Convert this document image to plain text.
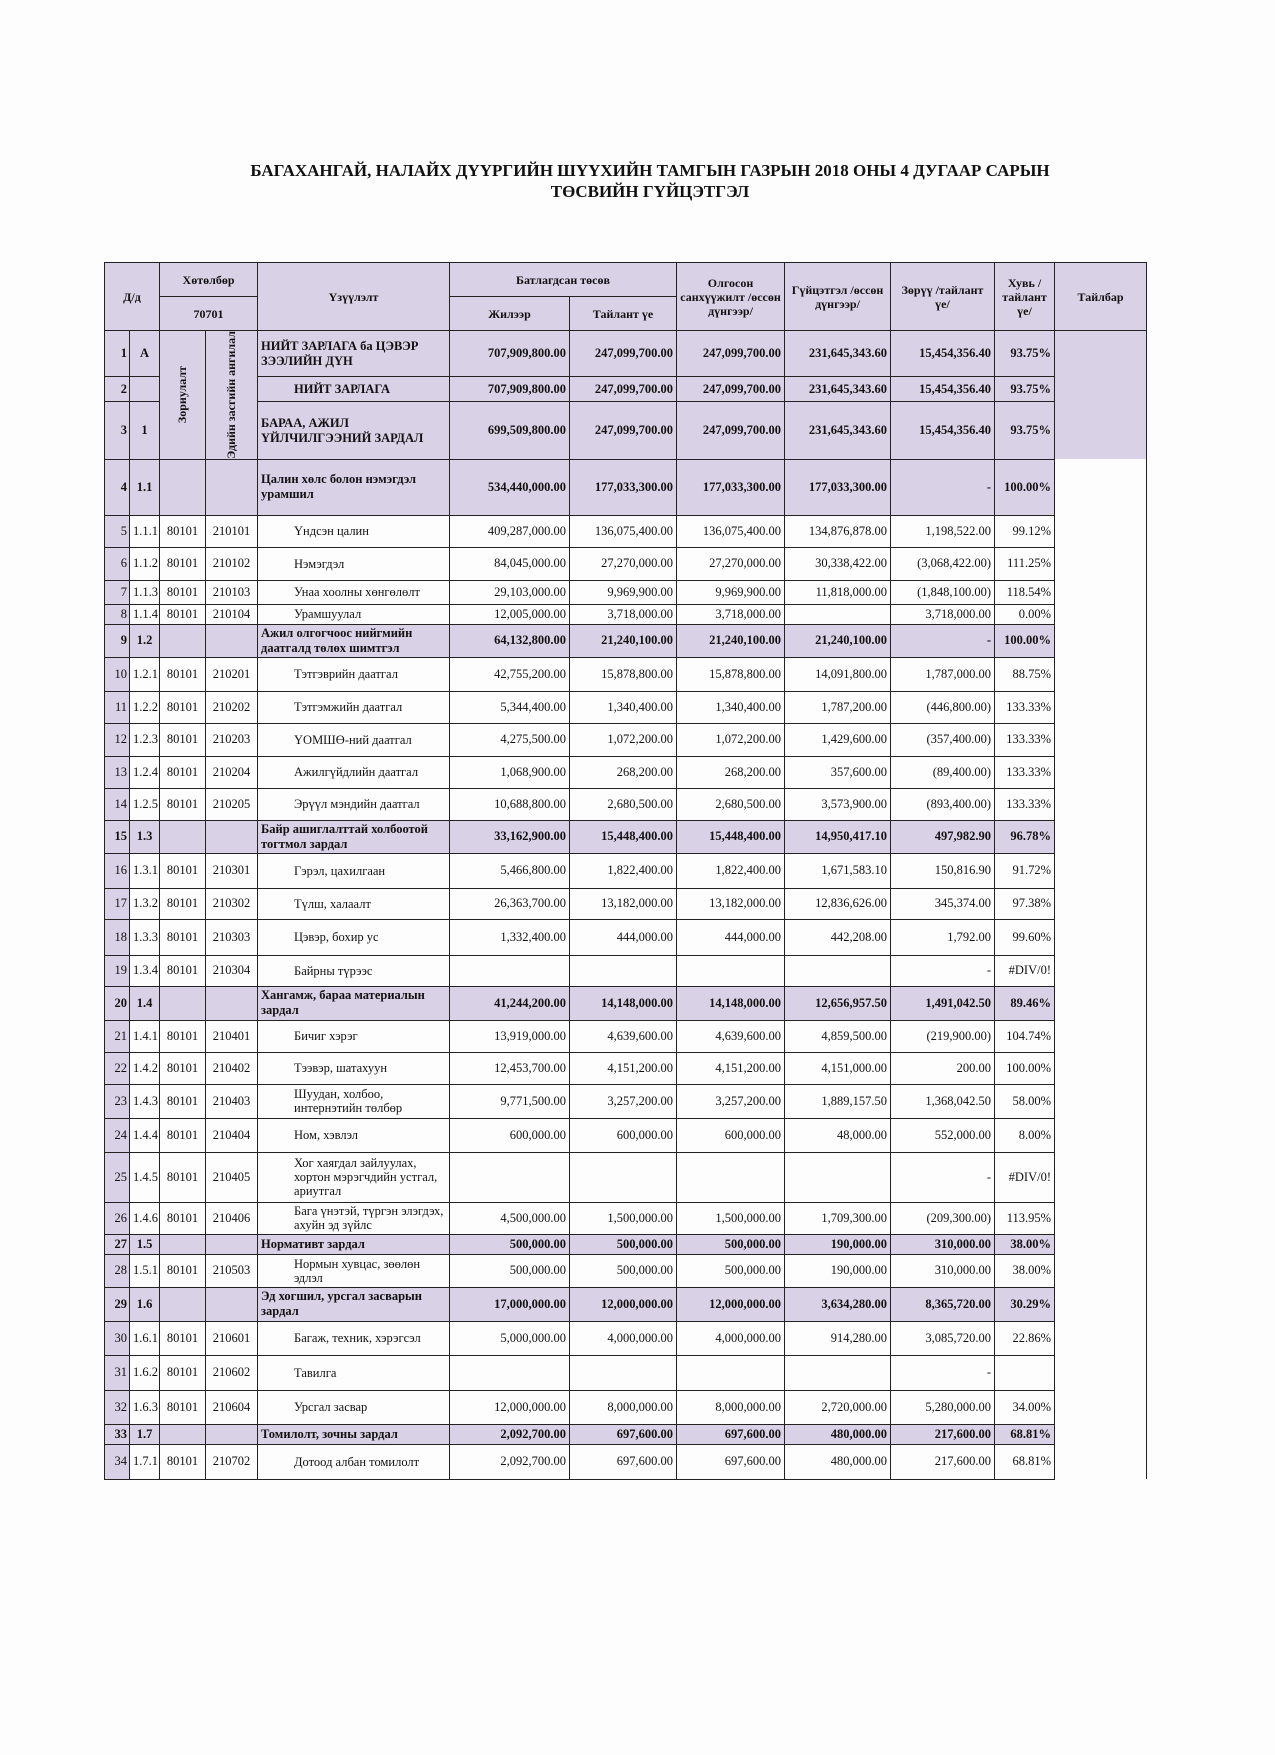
БАГАХАНГАЙ, НАЛАЙХ ДҮҮРГИЙН ШҮҮХИЙН ТАМГЫН ГАЗРЫН 2018 ОНЫ 4 ДУГААР САРЫН
ТӨСВИЙН ГҮЙЦЭТГЭЛ
Д/д		Хөтөлбөр		Үзүүлэлт	Батлагдсан төсөв		Олгосон санхүүжилт /өссөн дүнгээр/	Гүйцэтгэл /өссөн дүнгээр/	Зөрүү /тайлант үе/	Хувь /тайлант үе/	Тайлбар	
		70701			Жилээр	Тайлант үе						
1	А	Зориулалт	Эдийн засгийн ангилал	НИЙТ ЗАРЛАГА ба ЦЭВЭР ЗЭЭЛИЙН ДҮН	707,909,800.00	247,099,700.00	247,099,700.00	231,645,343.60	15,454,356.40	93.75%		
2				НИЙТ ЗАРЛАГА	707,909,800.00	247,099,700.00	247,099,700.00	231,645,343.60	15,454,356.40	93.75%		
3	1			БАРАА, АЖИЛ ҮЙЛЧИЛГЭЭНИЙ ЗАРДАЛ	699,509,800.00	247,099,700.00	247,099,700.00	231,645,343.60	15,454,356.40	93.75%		
4	1.1			Цалин хөлс болон нэмэгдэл урамшил	534,440,000.00	177,033,300.00	177,033,300.00	177,033,300.00	-	100.00%		
5	1.1.1	80101	210101	Үндсэн цалин	409,287,000.00	136,075,400.00	136,075,400.00	134,876,878.00	1,198,522.00	99.12%		
6	1.1.2	80101	210102	Нэмэгдэл	84,045,000.00	27,270,000.00	27,270,000.00	30,338,422.00	(3,068,422.00)	111.25%		
7	1.1.3	80101	210103	Унаа хоолны хөнгөлөлт	29,103,000.00	9,969,900.00	9,969,900.00	11,818,000.00	(1,848,100.00)	118.54%		
8	1.1.4	80101	210104	Урамшуулал	12,005,000.00	3,718,000.00	3,718,000.00		3,718,000.00	0.00%		
9	1.2			Ажил олгогчоос нийгмийн даатгалд төлөх шимтгэл	64,132,800.00	21,240,100.00	21,240,100.00	21,240,100.00	-	100.00%		
10	1.2.1	80101	210201	Тэтгэврийн даатгал	42,755,200.00	15,878,800.00	15,878,800.00	14,091,800.00	1,787,000.00	88.75%		
11	1.2.2	80101	210202	Тэтгэмжийн даатгал	5,344,400.00	1,340,400.00	1,340,400.00	1,787,200.00	(446,800.00)	133.33%		
12	1.2.3	80101	210203	ҮОМШӨ-ний даатгал	4,275,500.00	1,072,200.00	1,072,200.00	1,429,600.00	(357,400.00)	133.33%		
13	1.2.4	80101	210204	Ажилгүйдлийн даатгал	1,068,900.00	268,200.00	268,200.00	357,600.00	(89,400.00)	133.33%		
14	1.2.5	80101	210205	Эрүүл мэндийн даатгал	10,688,800.00	2,680,500.00	2,680,500.00	3,573,900.00	(893,400.00)	133.33%		
15	1.3			Байр ашиглалттай холбоотой тогтмол зардал	33,162,900.00	15,448,400.00	15,448,400.00	14,950,417.10	497,982.90	96.78%		
16	1.3.1	80101	210301	Гэрэл, цахилгаан	5,466,800.00	1,822,400.00	1,822,400.00	1,671,583.10	150,816.90	91.72%		
17	1.3.2	80101	210302	Түлш, халаалт	26,363,700.00	13,182,000.00	13,182,000.00	12,836,626.00	345,374.00	97.38%		
18	1.3.3	80101	210303	Цэвэр, бохир ус	1,332,400.00	444,000.00	444,000.00	442,208.00	1,792.00	99.60%		
19	1.3.4	80101	210304	Байрны түрээс					-	#DIV/0!		
20	1.4			Хангамж, бараа материалын зардал	41,244,200.00	14,148,000.00	14,148,000.00	12,656,957.50	1,491,042.50	89.46%		
21	1.4.1	80101	210401	Бичиг хэрэг	13,919,000.00	4,639,600.00	4,639,600.00	4,859,500.00	(219,900.00)	104.74%		
22	1.4.2	80101	210402	Тээвэр, шатахуун	12,453,700.00	4,151,200.00	4,151,200.00	4,151,000.00	200.00	100.00%		
23	1.4.3	80101	210403	Шуудан, холбоо, интернэтийн төлбөр	9,771,500.00	3,257,200.00	3,257,200.00	1,889,157.50	1,368,042.50	58.00%		
24	1.4.4	80101	210404	Ном, хэвлэл	600,000.00	600,000.00	600,000.00	48,000.00	552,000.00	8.00%		
25	1.4.5	80101	210405	Хог хаягдал зайлуулах, хортон мэрэгчдийн устгал, ариутгал					-	#DIV/0!		
26	1.4.6	80101	210406	Бага үнэтэй, түргэн элэгдэх, ахуйн эд зүйлс	4,500,000.00	1,500,000.00	1,500,000.00	1,709,300.00	(209,300.00)	113.95%		
27	1.5			Нормативт зардал	500,000.00	500,000.00	500,000.00	190,000.00	310,000.00	38.00%		
28	1.5.1	80101	210503	Нормын хувцас, зөөлөн эдлэл	500,000.00	500,000.00	500,000.00	190,000.00	310,000.00	38.00%		
29	1.6			Эд хогшил, урсгал засварын зардал	17,000,000.00	12,000,000.00	12,000,000.00	3,634,280.00	8,365,720.00	30.29%		
30	1.6.1	80101	210601	Багаж, техник, хэрэгсэл	5,000,000.00	4,000,000.00	4,000,000.00	914,280.00	3,085,720.00	22.86%		
31	1.6.2	80101	210602	Тавилга					-			
32	1.6.3	80101	210604	Урсгал засвар	12,000,000.00	8,000,000.00	8,000,000.00	2,720,000.00	5,280,000.00	34.00%		
33	1.7			Томилолт, зочны зардал	2,092,700.00	697,600.00	697,600.00	480,000.00	217,600.00	68.81%		
34	1.7.1	80101	210702	Дотоод албан томилолт	2,092,700.00	697,600.00	697,600.00	480,000.00	217,600.00	68.81%		
